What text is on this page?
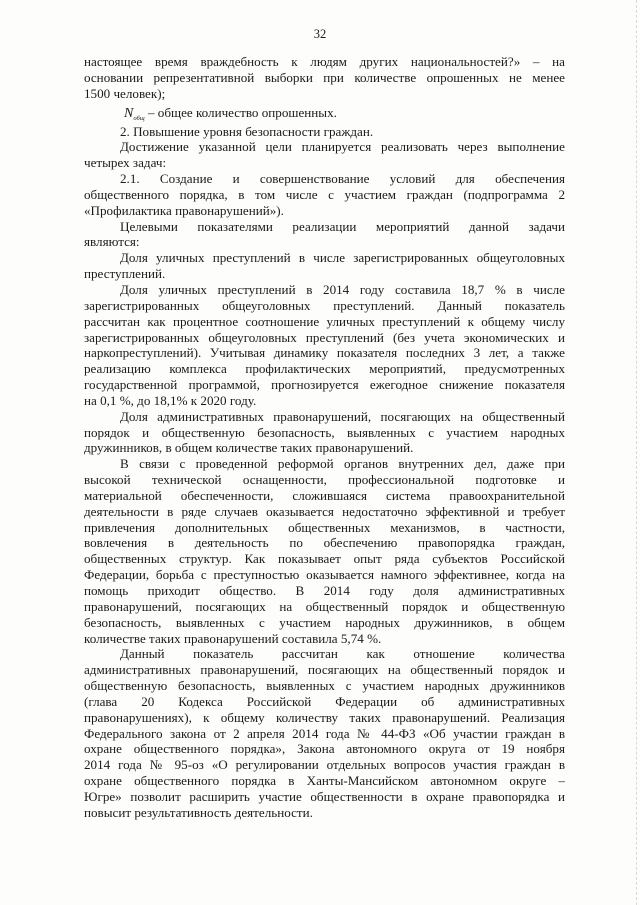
32
настоящее время враждебность к людям других национальностей?» – на
основании репрезентативной выборки при количестве опрошенных не менее
1500 человек);
$N_{общ}$ – общее количество опрошенных.
2. Повышение уровня безопасности граждан.
Достижение указанной цели планируется реализовать через выполнение
четырех задач:
2.1. Создание и совершенствование условий для обеспечения
общественного порядка, в том числе с участием граждан (подпрограмма 2
«Профилактика правонарушений»).
Целевыми показателями реализации мероприятий данной задачи
являются:
Доля уличных преступлений в числе зарегистрированных общеуголовных
преступлений.
Доля уличных преступлений в 2014 году составила 18,7 % в числе
зарегистрированных общеуголовных преступлений. Данный показатель
рассчитан как процентное соотношение уличных преступлений к общему числу
зарегистрированных общеуголовных преступлений (без учета экономических и
наркопреступлений). Учитывая динамику показателя последних 3 лет, а также
реализацию комплекса профилактических мероприятий, предусмотренных
государственной программой, прогнозируется ежегодное снижение показателя
на 0,1 %, до 18,1% к 2020 году.
Доля административных правонарушений, посягающих на общественный
порядок и общественную безопасность, выявленных с участием народных
дружинников, в общем количестве таких правонарушений.
В связи с проведенной реформой органов внутренних дел, даже при
высокой технической оснащенности, профессиональной подготовке и
материальной обеспеченности, сложившаяся система правоохранительной
деятельности в ряде случаев оказывается недостаточно эффективной и требует
привлечения дополнительных общественных механизмов, в частности,
вовлечения в деятельность по обеспечению правопорядка граждан,
общественных структур. Как показывает опыт ряда субъектов Российской
Федерации, борьба с преступностью оказывается намного эффективнее, когда на
помощь приходит общество. В 2014 году доля административных
правонарушений, посягающих на общественный порядок и общественную
безопасность, выявленных с участием народных дружинников, в общем
количестве таких правонарушений составила 5,74 %.
Данный показатель рассчитан как отношение количества
административных правонарушений, посягающих на общественный порядок и
общественную безопасность, выявленных с участием народных дружинников
(глава 20 Кодекса Российской Федерации об административных
правонарушениях), к общему количеству таких правонарушений. Реализация
Федерального закона от 2 апреля 2014 года № 44-ФЗ «Об участии граждан в
охране общественного порядка», Закона автономного округа от 19 ноября
2014 года № 95-оз «О регулировании отдельных вопросов участия граждан в
охране общественного порядка в Ханты-Мансийском автономном округе –
Югре» позволит расширить участие общественности в охране правопорядка и
повысит результативность деятельности.
